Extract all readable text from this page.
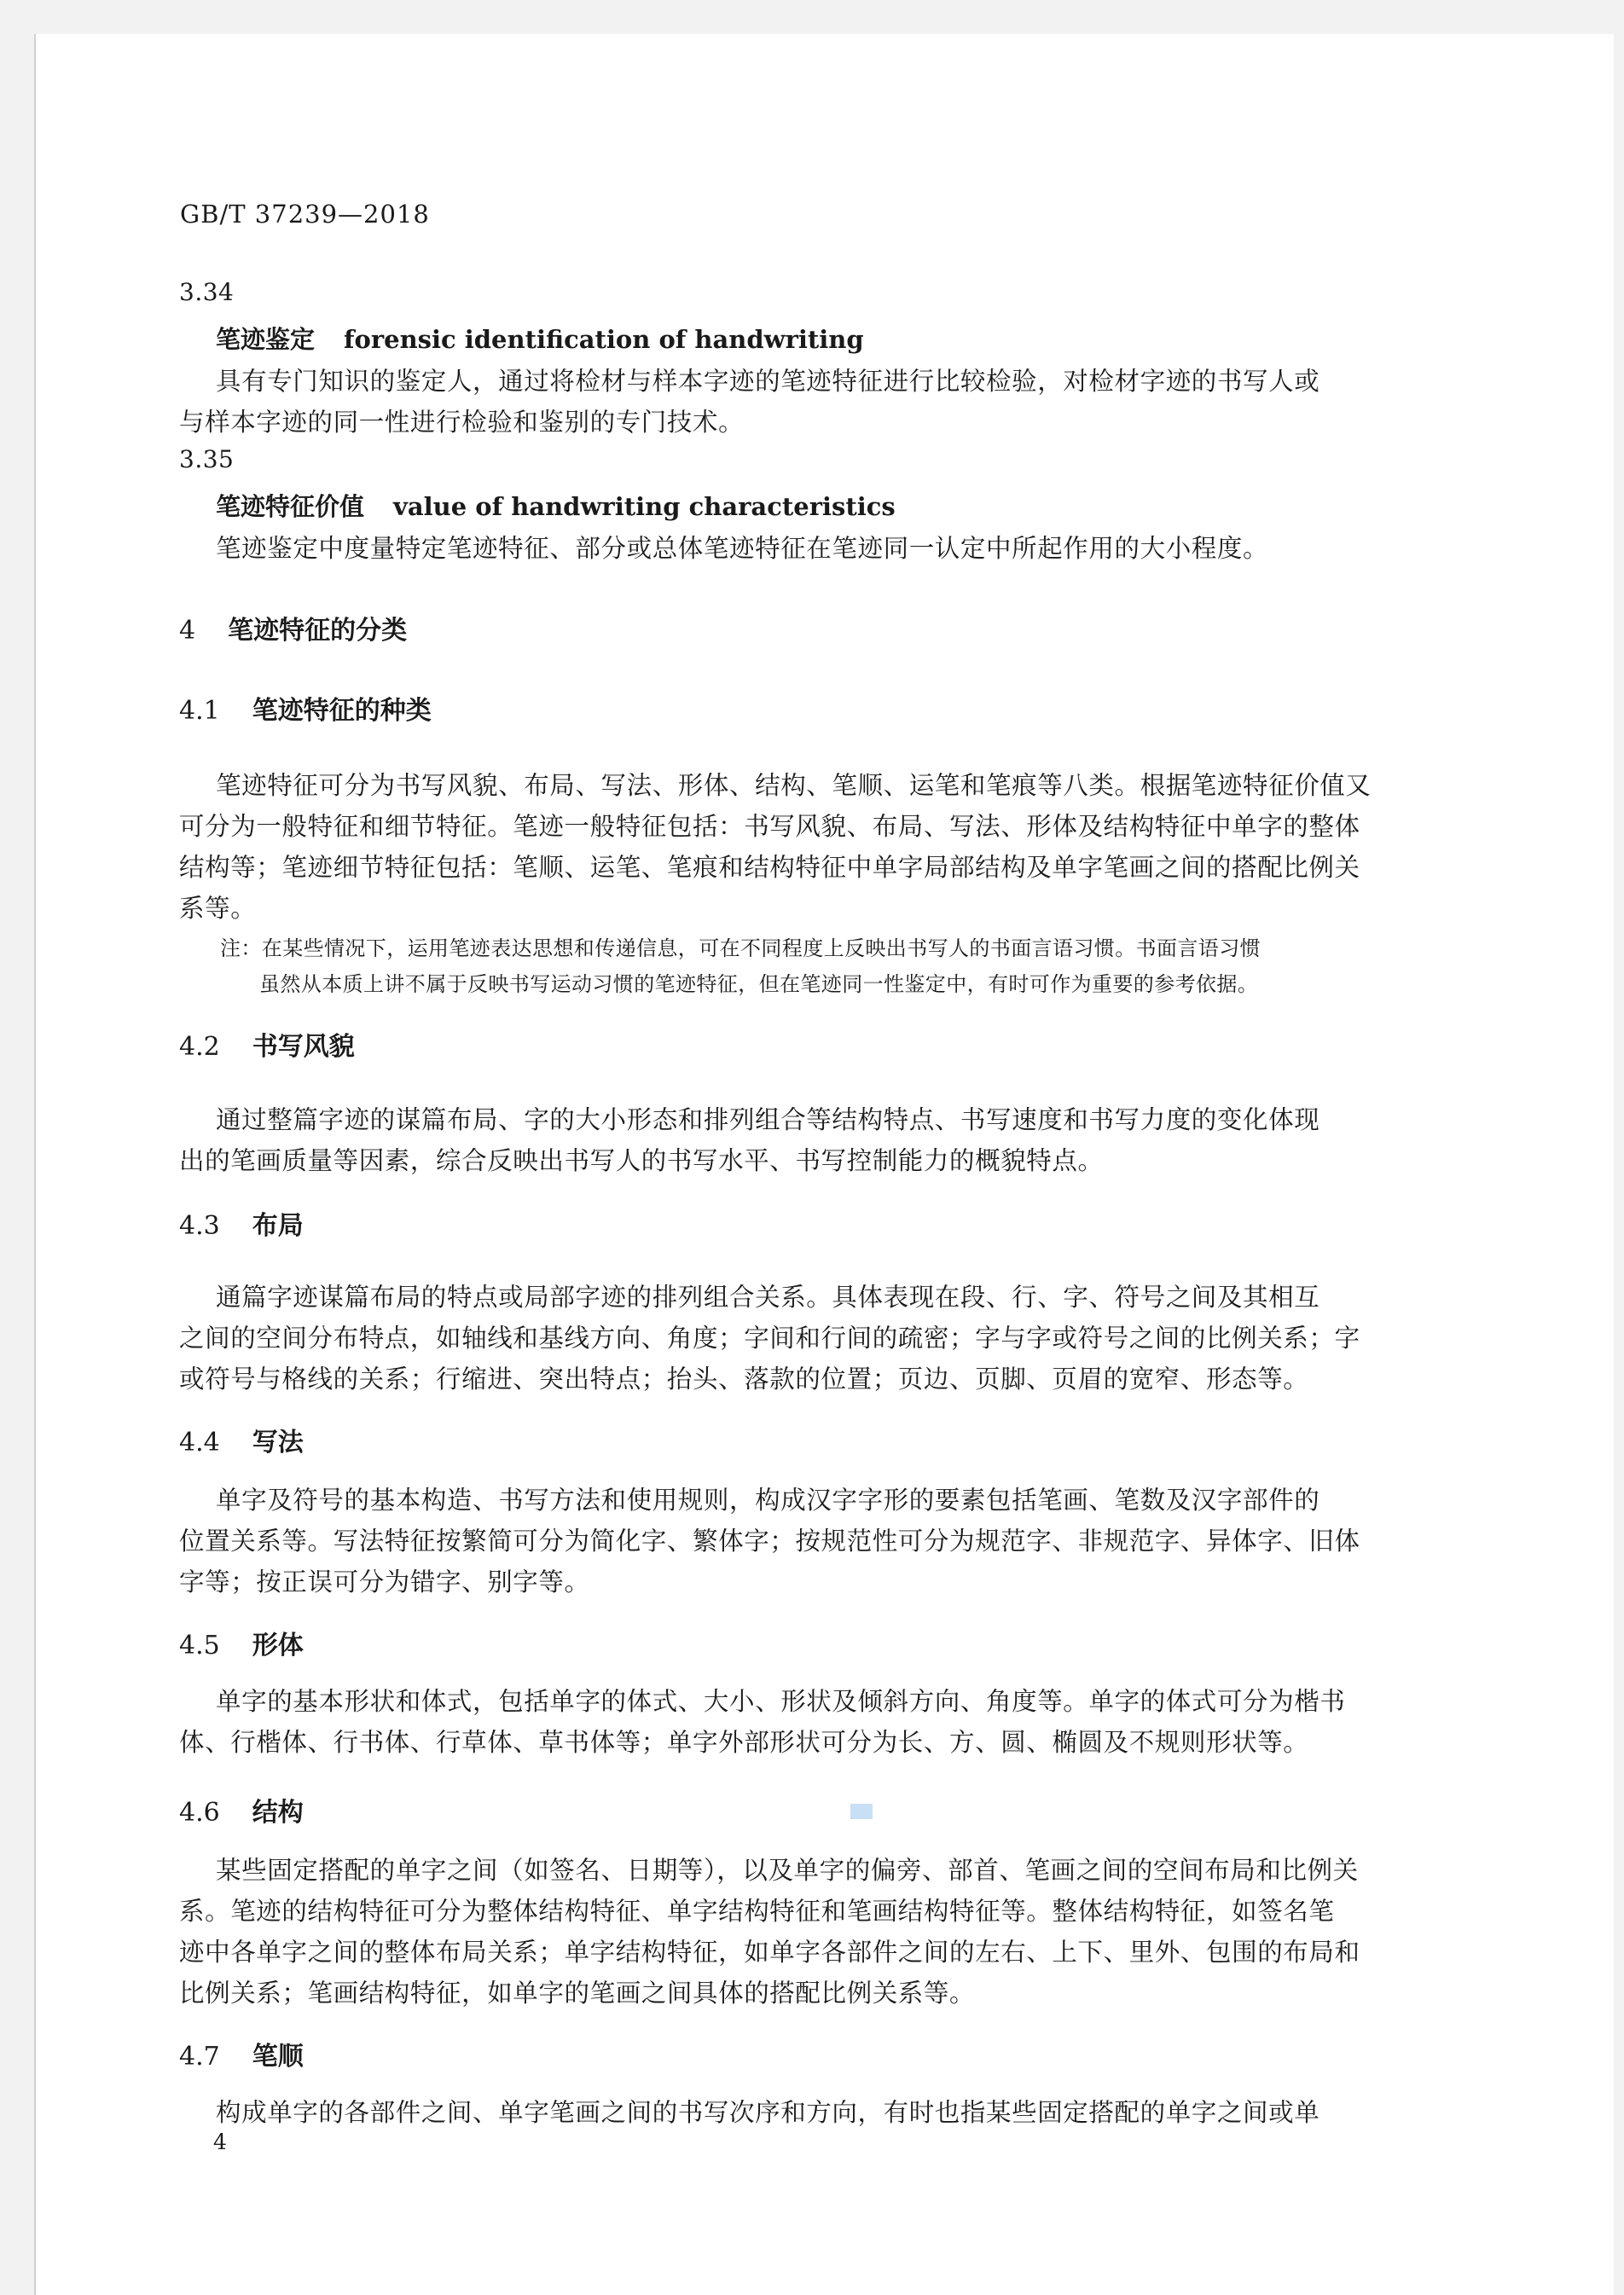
GB/T 37239—2018
3.34
笔迹鉴定 forensic identification of handwriting
具有专门知识的鉴定人，通过将检材与样本字迹的笔迹特征进行比较检验，对检材字迹的书写人或
与样本字迹的同一性进行检验和鉴别的专门技术。
3.35
笔迹特征价值 value of handwriting characteristics
笔迹鉴定中度量特定笔迹特征、部分或总体笔迹特征在笔迹同一认定中所起作用的大小程度。
4 笔迹特征的分类
4.1 笔迹特征的种类
笔迹特征可分为书写风貌、布局、写法、形体、结构、笔顺、运笔和笔痕等八类。根据笔迹特征价值又
可分为一般特征和细节特征。笔迹一般特征包括：书写风貌、布局、写法、形体及结构特征中单字的整体
结构等；笔迹细节特征包括：笔顺、运笔、笔痕和结构特征中单字局部结构及单字笔画之间的搭配比例关
系等。
注：在某些情况下，运用笔迹表达思想和传递信息，可在不同程度上反映出书写人的书面言语习惯。书面言语习惯
虽然从本质上讲不属于反映书写运动习惯的笔迹特征，但在笔迹同一性鉴定中，有时可作为重要的参考依据。
4.2 书写风貌
通过整篇字迹的谋篇布局、字的大小形态和排列组合等结构特点、书写速度和书写力度的变化体现
出的笔画质量等因素，综合反映出书写人的书写水平、书写控制能力的概貌特点。
4.3 布局
通篇字迹谋篇布局的特点或局部字迹的排列组合关系。具体表现在段、行、字、符号之间及其相互
之间的空间分布特点，如轴线和基线方向、角度；字间和行间的疏密；字与字或符号之间的比例关系；字
或符号与格线的关系；行缩进、突出特点；抬头、落款的位置；页边、页脚、页眉的宽窄、形态等。
4.4 写法
单字及符号的基本构造、书写方法和使用规则，构成汉字字形的要素包括笔画、笔数及汉字部件的
位置关系等。写法特征按繁简可分为简化字、繁体字；按规范性可分为规范字、非规范字、异体字、旧体
字等；按正误可分为错字、别字等。
4.5 形体
单字的基本形状和体式，包括单字的体式、大小、形状及倾斜方向、角度等。单字的体式可分为楷书
体、行楷体、行书体、行草体、草书体等；单字外部形状可分为长、方、圆、椭圆及不规则形状等。
4.6 结构
某些固定搭配的单字之间（如签名、日期等），以及单字的偏旁、部首、笔画之间的空间布局和比例关
系。笔迹的结构特征可分为整体结构特征、单字结构特征和笔画结构特征等。整体结构特征，如签名笔
迹中各单字之间的整体布局关系；单字结构特征，如单字各部件之间的左右、上下、里外、包围的布局和
比例关系；笔画结构特征，如单字的笔画之间具体的搭配比例关系等。
4.7 笔顺
构成单字的各部件之间、单字笔画之间的书写次序和方向，有时也指某些固定搭配的单字之间或单
4
